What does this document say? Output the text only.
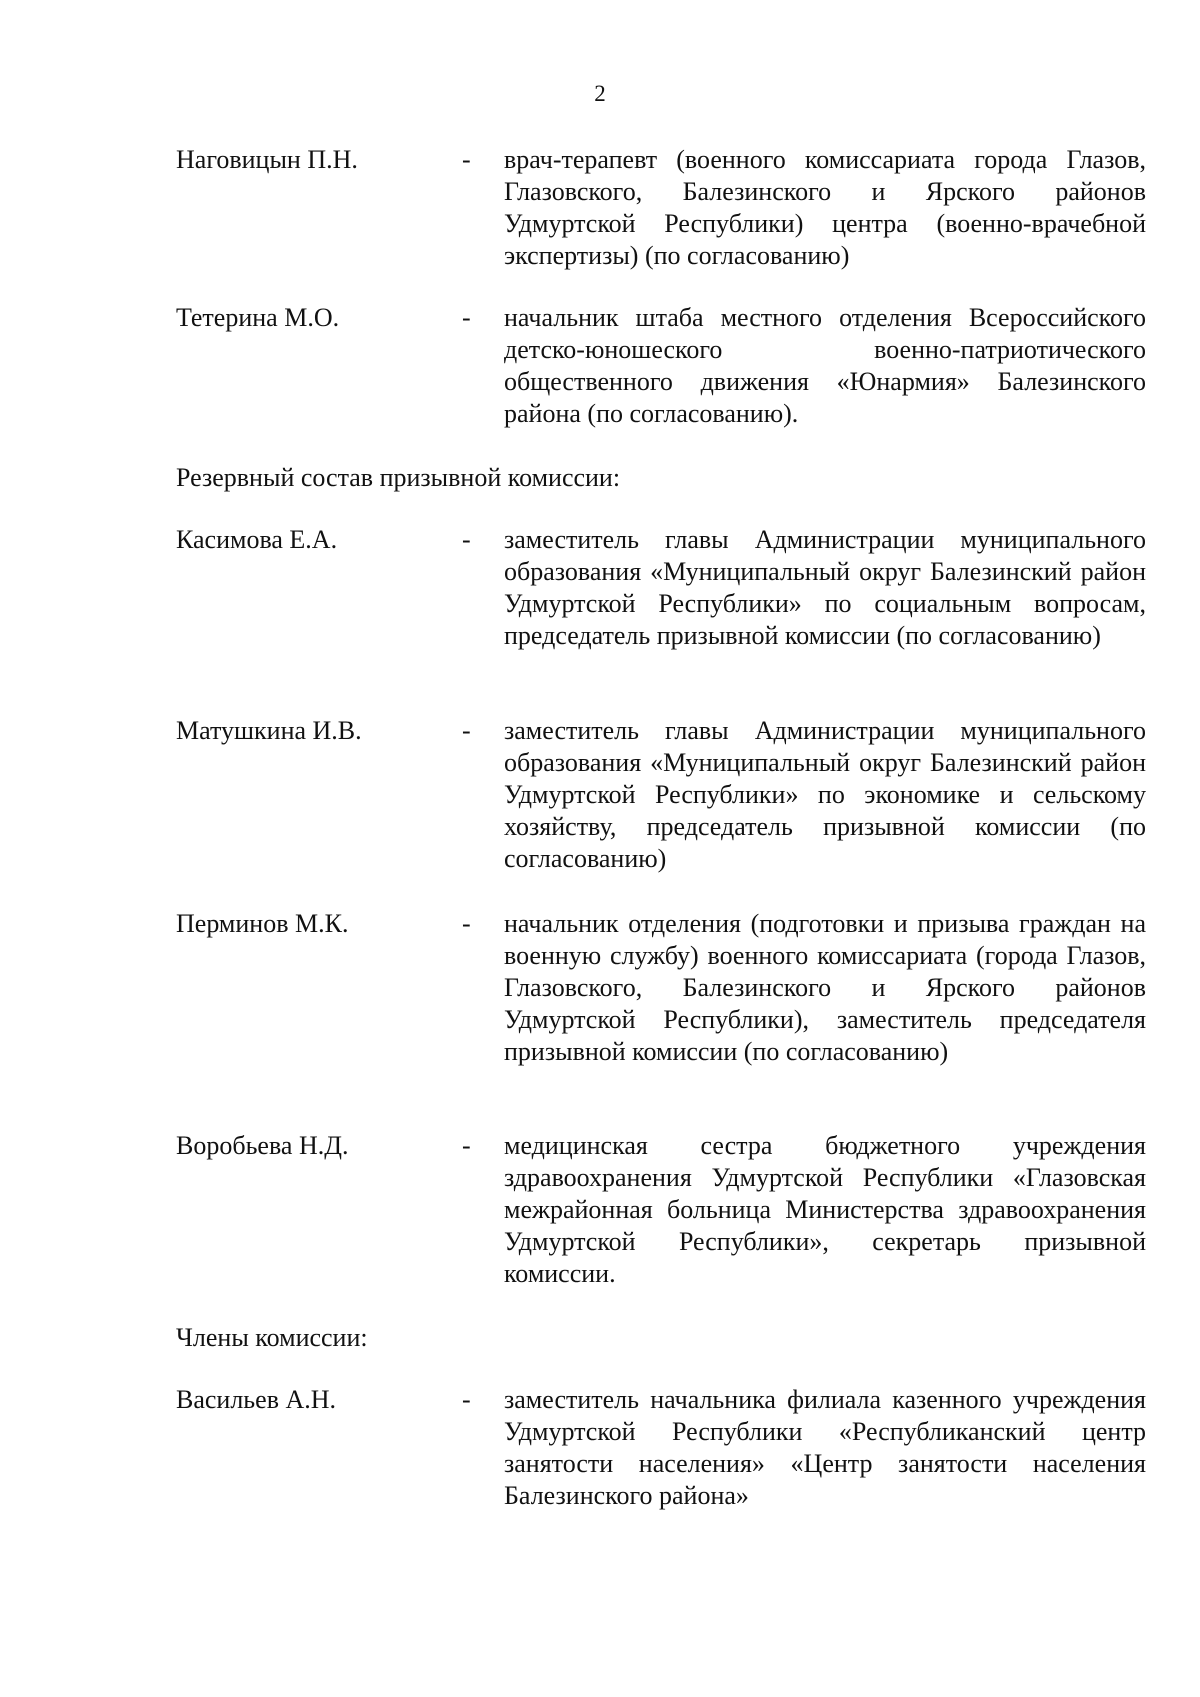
2
Наговицын П.Н.	- врач-терапевт (военного комиссариата города Глазов, Глазовского, Балезинского и Ярского районов Удмуртской Республики) центра (военно-врачебной экспертизы) (по согласованию)
Тетерина М.О.	- начальник штаба местного отделения Всероссийского детско-юношеского военно-патриотического общественного движения «Юнармия» Балезинского района (по согласованию).
Резервный состав призывной комиссии:
Касимова Е.А.	- заместитель главы Администрации муниципального образования «Муниципальный округ Балезинский район Удмуртской Республики» по социальным вопросам, председатель призывной комиссии (по согласованию)
Матушкина И.В.	- заместитель главы Администрации муниципального образования «Муниципальный округ Балезинский район Удмуртской Республики» по экономике и сельскому хозяйству, председатель призывной комиссии (по согласованию)
Перминов М.К.	- начальник отделения (подготовки и призыва граждан на военную службу) военного комиссариата (города Глазов, Глазовского, Балезинского и Ярского районов Удмуртской Республики), заместитель председателя призывной комиссии (по согласованию)
Воробьева Н.Д.	- медицинская сестра бюджетного учреждения здравоохранения Удмуртской Республики «Глазовская межрайонная больница Министерства здравоохранения Удмуртской Республики», секретарь призывной комиссии.
Члены комиссии:
Васильев А.Н.	- заместитель начальника филиала казенного учреждения Удмуртской Республики «Республиканский центр занятости населения» «Центр занятости населения Балезинского района»
